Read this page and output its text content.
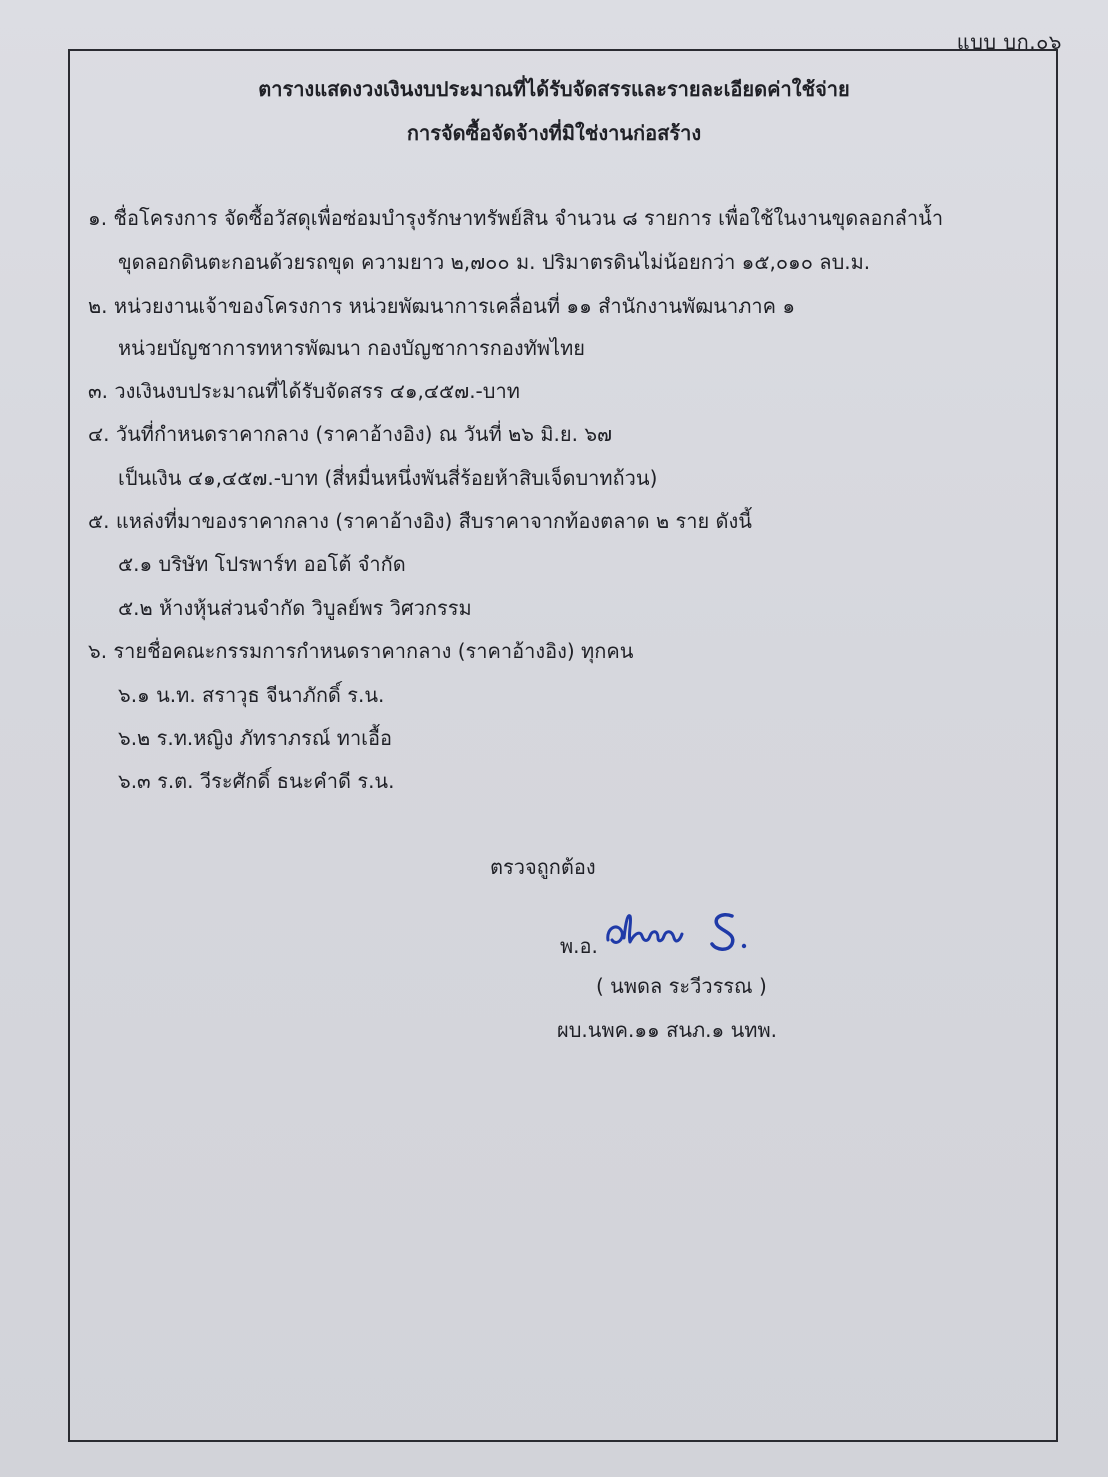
แบบ บก.๐๖
ตารางแสดงวงเงินงบประมาณที่ได้รับจัดสรรและรายละเอียดค่าใช้จ่าย
การจัดซื้อจัดจ้างที่มิใช่งานก่อสร้าง
๑. ชื่อโครงการ จัดซื้อวัสดุเพื่อซ่อมบำรุงรักษาทรัพย์สิน จำนวน ๘ รายการ เพื่อใช้ในงานขุดลอกลำน้ำ
ขุดลอกดินตะกอนด้วยรถขุด ความยาว ๒,๗๐๐ ม. ปริมาตรดินไม่น้อยกว่า ๑๕,๐๑๐ ลบ.ม.
๒. หน่วยงานเจ้าของโครงการ หน่วยพัฒนาการเคลื่อนที่ ๑๑ สำนักงานพัฒนาภาค ๑
หน่วยบัญชาการทหารพัฒนา กองบัญชาการกองทัพไทย
๓. วงเงินงบประมาณที่ได้รับจัดสรร ๔๑,๔๕๗.-บาท
๔. วันที่กำหนดราคากลาง (ราคาอ้างอิง) ณ วันที่ ๒๖ มิ.ย. ๖๗
เป็นเงิน ๔๑,๔๕๗.-บาท (สี่หมื่นหนึ่งพันสี่ร้อยห้าสิบเจ็ดบาทถ้วน)
๕. แหล่งที่มาของราคากลาง (ราคาอ้างอิง) สืบราคาจากท้องตลาด ๒ ราย ดังนี้
๕.๑ บริษัท โปรพาร์ท ออโต้ จำกัด
๕.๒ ห้างหุ้นส่วนจำกัด วิบูลย์พร วิศวกรรม
๖. รายชื่อคณะกรรมการกำหนดราคากลาง (ราคาอ้างอิง) ทุกคน
๖.๑ น.ท. สราวุธ จีนาภักดิ์ ร.น.
๖.๒ ร.ท.หญิง ภัทราภรณ์ ทาเอื้อ
๖.๓ ร.ต. วีระศักดิ์ ธนะคำดี ร.น.
ตรวจถูกต้อง
พ.อ.
( นพดล ระวีวรรณ )
ผบ.นพค.๑๑ สนภ.๑ นทพ.
